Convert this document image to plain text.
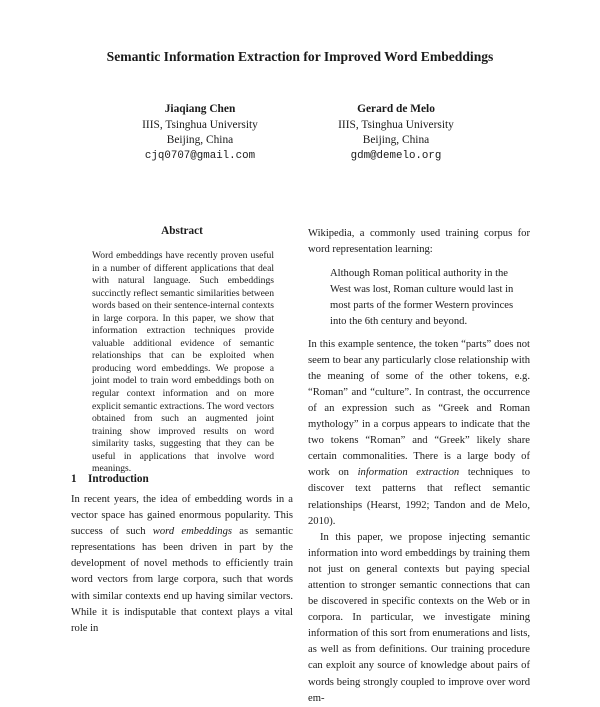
Semantic Information Extraction for Improved Word Embeddings
Jiaqiang Chen
IIIS, Tsinghua University
Beijing, China
cjq0707@gmail.com
Gerard de Melo
IIIS, Tsinghua University
Beijing, China
gdm@demelo.org
Abstract
Word embeddings have recently proven useful in a number of different applications that deal with natural language. Such embeddings succinctly reflect semantic similarities between words based on their sentence-internal contexts in large corpora. In this paper, we show that information extraction techniques provide valuable additional evidence of semantic relationships that can be exploited when producing word embeddings. We propose a joint model to train word embeddings both on regular context information and on more explicit semantic extractions. The word vectors obtained from such an augmented joint training show improved results on word similarity tasks, suggesting that they can be useful in applications that involve word meanings.
1 Introduction

In recent years, the idea of embedding words in a vector space has gained enormous popularity. This success of such word embeddings as semantic representations has been driven in part by the development of novel methods to efficiently train word vectors from large corpora, such that words with similar contexts end up having similar vectors. While it is indisputable that context plays a vital role in

Wikipedia, a commonly used training corpus for word representation learning:

Although Roman political authority in the West was lost, Roman culture would last in most parts of the former Western provinces into the 6th century and beyond.

In this example sentence, the token “parts” does not seem to bear any particularly close relationship with the meaning of some of the other tokens, e.g. “Roman” and “culture”. In contrast, the occurrence of an expression such as “Greek and Roman mythology” in a corpus appears to indicate that the two tokens “Roman” and “Greek” likely share certain commonalities. There is a large body of work on information extraction techniques to discover text patterns that reflect semantic relationships (Hearst, 1992; Tandon and de Melo, 2010).

In this paper, we propose injecting semantic information into word embeddings by training them not just on general contexts but paying special attention to stronger semantic connections that can be discovered in specific contexts on the Web or in corpora. In particular, we investigate mining information of this sort from enumerations and lists, as well as from definitions. Our training procedure can exploit any source of knowledge about pairs of words being strongly coupled to improve over word em-
